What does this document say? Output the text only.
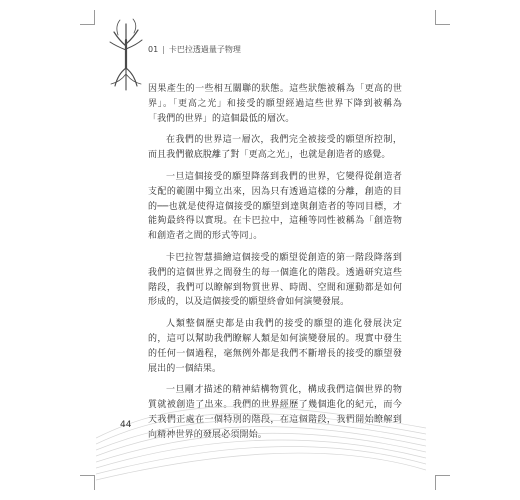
01 | 卡巴拉透過量子物理

因果產生的一些相互關聯的狀態。這些狀態被稱為「更高的世界」。「更高之光」和接受的願望經過這些世界下降到被稱為「我們的世界」的這個最低的層次。

在我們的世界這一層次，我們完全被接受的願望所控制，而且我們徹底脫離了對「更高之光」，也就是創造者的感覺。

一旦這個接受的願望降落到我們的世界，它變得從創造者支配的範圍中獨立出來，因為只有透過這樣的分離，創造的目的──也就是使得這個接受的願望到達與創造者的等同目標，才能夠最終得以實現。在卡巴拉中，這種等同性被稱為「創造物和創造者之間的形式等同」。

卡巴拉智慧描繪這個接受的願望從創造的第一階段降落到我們的這個世界之間發生的每一個進化的階段。透過研究這些階段，我們可以瞭解到物質世界、時間、空間和運動都是如何形成的，以及這個接受的願望終會如何演變發展。

人類整個歷史都是由我們的接受的願望的進化發展決定的，這可以幫助我們瞭解人類是如何演變發展的。現實中發生的任何一個過程，毫無例外都是我們不斷增長的接受的願望發展出的一個結果。

一旦剛才描述的精神結構物質化，構成我們這個世界的物質就被創造了出來。我們的世界經歷了幾個進化的紀元，而今天我們正處在一個特別的階段，在這個階段，我們開始瞭解到向精神世界的發展必須開始。

44
